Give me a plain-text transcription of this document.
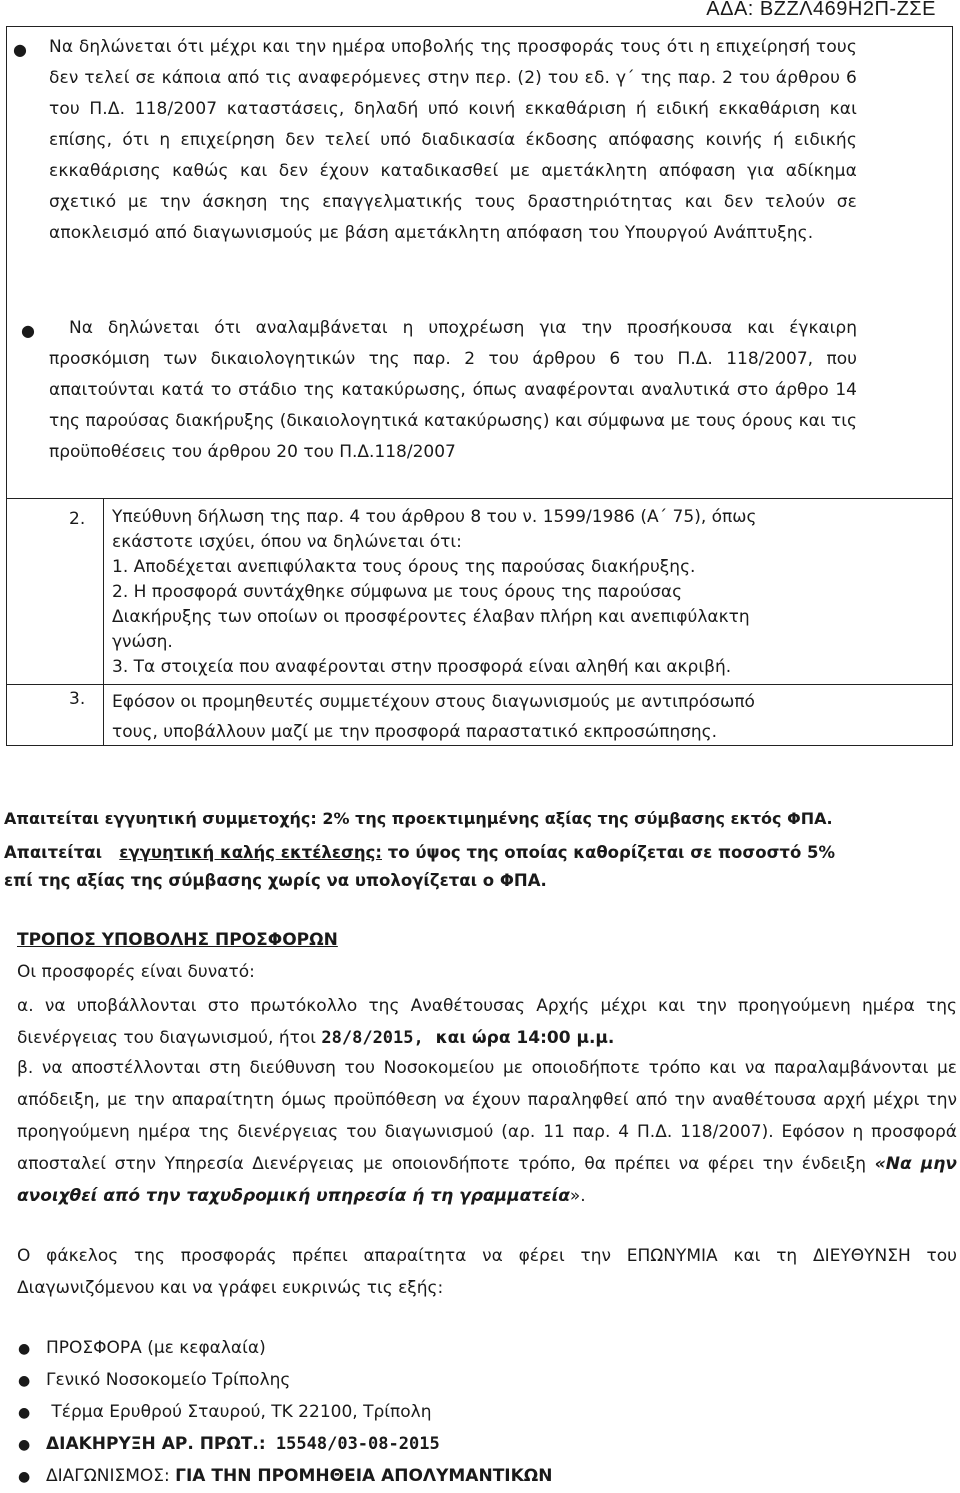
ΑΔΑ: ΒΖΖΛ469Η2Π-ΖΣΕ
● Να δηλώνεται ότι μέχρι και την ημέρα υποβολής της προσφοράς τους ότι η επιχείρησή τους δεν τελεί σε κάποια από τις αναφερόμενες στην περ. (2) του εδ. γ΄ της παρ. 2 του άρθρου 6 του Π.Δ. 118/2007 καταστάσεις, δηλαδή υπό κοινή εκκαθάριση ή ειδική εκκαθάριση και επίσης, ότι η επιχείρηση δεν τελεί υπό διαδικασία έκδοσης απόφασης κοινής ή ειδικής εκκαθάρισης καθώς και δεν έχουν καταδικασθεί με αμετάκλητη απόφαση για αδίκημα σχετικό με την άσκηση της επαγγελματικής τους δραστηριότητας και δεν τελούν σε αποκλεισμό από διαγωνισμούς με βάση αμετάκλητη απόφαση του Υπουργού Ανάπτυξης.
●	Να δηλώνεται ότι αναλαμβάνεται η υποχρέωση για την προσήκουσα και έγκαιρη προσκόμιση των δικαιολογητικών της παρ. 2 του άρθρου 6 του Π.Δ. 118/2007, που απαιτούνται κατά το στάδιο της κατακύρωσης, όπως αναφέρονται αναλυτικά στο άρθρο 14 της παρούσας διακήρυξης (δικαιολογητικά κατακύρωσης) και σύμφωνα με τους όρους και τις προϋποθέσεις του άρθρου 20 του Π.Δ.118/2007
2. Υπεύθυνη δήλωση της παρ. 4 του άρθρου 8 του ν. 1599/1986 (Α΄ 75), όπως
εκάστοτε ισχύει, όπου να δηλώνεται ότι:
1. Αποδέχεται ανεπιφύλακτα τους όρους της παρούσας διακήρυξης.
2. Η προσφορά συντάχθηκε σύμφωνα με τους όρους της παρούσας
Διακήρυξης των οποίων οι προσφέροντες έλαβαν πλήρη και ανεπιφύλακτη
γνώση.
3. Τα στοιχεία που αναφέρονται στην προσφορά είναι αληθή και ακριβή.
3. Εφόσον οι προμηθευτές συμμετέχουν στους διαγωνισμούς με αντιπρόσωπό
τους, υποβάλλουν μαζί με την προσφορά παραστατικό εκπροσώπησης.
Απαιτείται εγγυητική συμμετοχής: 2% της προεκτιμημένης αξίας της σύμβασης εκτός ΦΠΑ.
Απαιτείται   εγγυητική καλής εκτέλεσης: το ύψος της οποίας καθορίζεται σε ποσοστό 5%
επί της αξίας της σύμβασης χωρίς να υπολογίζεται ο ΦΠΑ.
ΤΡΟΠΟΣ ΥΠΟΒΟΛΗΣ ΠΡΟΣΦΟΡΩΝ
Οι προσφορές είναι δυνατό:
α. να υποβάλλονται στο πρωτόκολλο της Αναθέτουσας Αρχής μέχρι και την προηγούμενη ημέρα της διενέργειας του διαγωνισμού, ήτοι 28/8/2015,  και ώρα 14:00 μ.μ.
β. να αποστέλλονται στη διεύθυνση του Νοσοκομείου με οποιοδήποτε τρόπο και να παραλαμβάνονται με απόδειξη, με την απαραίτητη όμως προϋπόθεση να έχουν παραληφθεί από την αναθέτουσα αρχή μέχρι την προηγούμενη ημέρα της διενέργειας του διαγωνισμού (αρ. 11 παρ. 4 Π.Δ. 118/2007). Εφόσον η προσφορά αποσταλεί στην Υπηρεσία Διενέργειας με οποιονδήποτε τρόπο, θα πρέπει να φέρει την ένδειξη «Να μην ανοιχθεί από την ταχυδρομική υπηρεσία ή τη γραμματεία».
Ο φάκελος της προσφοράς πρέπει απαραίτητα να φέρει την ΕΠΩΝΥΜΙΑ και τη ΔΙΕΥΘΥΝΣΗ του Διαγωνιζόμενου και να γράφει ευκρινώς τις εξής:
● ΠΡΟΣΦΟΡΑ (με κεφαλαία)
● Γενικό Νοσοκομείο Τρίπολης
● Τέρμα Ερυθρού Σταυρού, ΤΚ 22100, Τρίπολη
● ΔΙΑΚΗΡΥΞΗ ΑΡ. ΠΡΩΤ.: 15548/03-08-2015
● ΔΙΑΓΩΝΙΣΜΟΣ: ΓΙΑ ΤΗΝ ΠΡΟΜΗΘΕΙΑ ΑΠΟΛΥΜΑΝΤΙΚΩΝ
